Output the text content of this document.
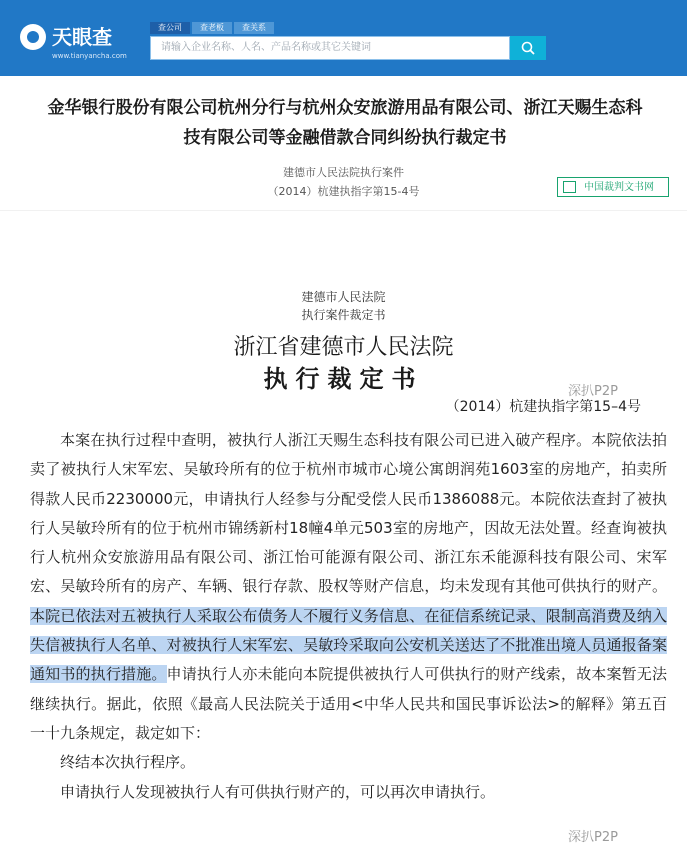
天眼查
www.tianyancha.com
查公司	查老板	查关系
请输入企业名称、人名、产品名称或其它关键词
金华银行股份有限公司杭州分行与杭州众安旅游用品有限公司、浙江天赐生态科技有限公司等金融借款合同纠纷执行裁定书
建德市人民法院执行案件
（2014）杭建执指字第15-4号	中国裁判文书网
建德市人民法院
执行案件裁定书
浙江省建德市人民法院
执行裁定书
（2014）杭建执指字第15–4号
深扒P2P
深扒P2P

本案在执行过程中查明，被执行人浙江天赐生态科技有限公司已进入破产程序。本院依法拍卖了被执行人宋军宏、吴敏玲所有的位于杭州市城市心境公寓朗润苑1603室的房地产，拍卖所得款人民币2230000元，申请执行人经参与分配受偿人民币1386088元。本院依法查封了被执行人吴敏玲所有的位于杭州市锦绣新村18幢4单元503室的房地产，因故无法处置。经查询被执行人杭州众安旅游用品有限公司、浙江怡可能源有限公司、浙江东禾能源科技有限公司、宋军宏、吴敏玲所有的房产、车辆、银行存款、股权等财产信息，均未发现有其他可供执行的财产。本院已依法对五被执行人采取公布债务人不履行义务信息、在征信系统记录、限制高消费及纳入失信被执行人名单、对被执行人宋军宏、吴敏玲采取向公安机关送达了不批准出境人员通报备案通知书的执行措施。申请执行人亦未能向本院提供被执行人可供执行的财产线索，故本案暂无法继续执行。据此，依照《最高人民法院关于适用<中华人民共和国民事诉讼法>的解释》第五百一十九条规定，裁定如下：

终结本次执行程序。

申请执行人发现被执行人有可供执行财产的，可以再次申请执行。
